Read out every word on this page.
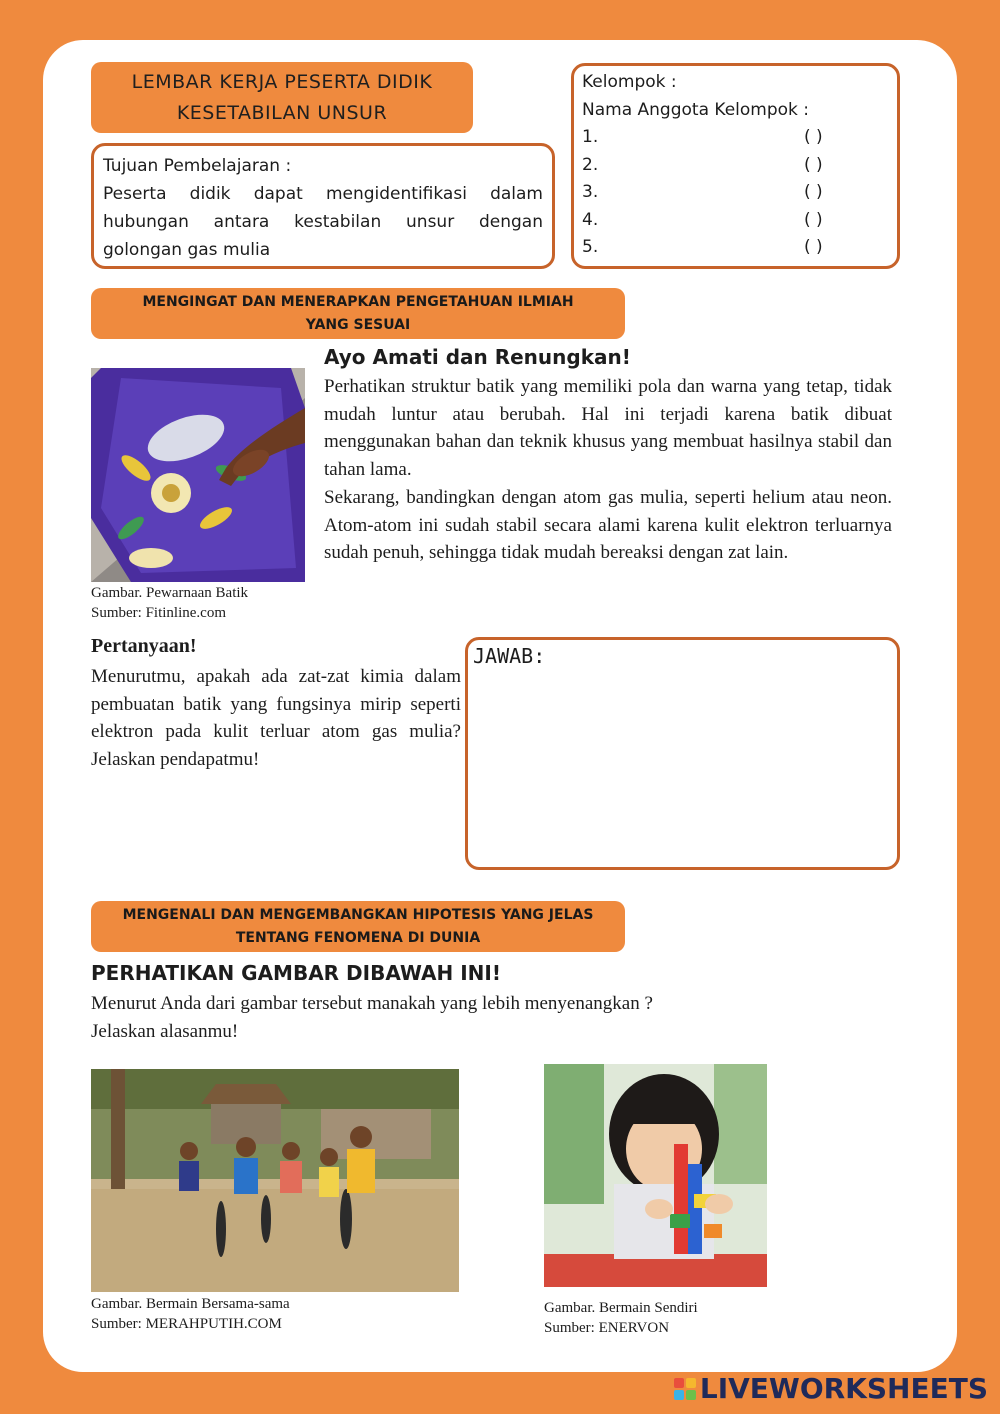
LEMBAR KERJA PESERTA DIDIK
KESETABILAN UNSUR
Tujuan Pembelajaran :
Peserta didik dapat mengidentifikasi dalam hubungan antara kestabilan unsur dengan golongan gas mulia
Kelompok :
Nama Anggota Kelompok :
1.	( )
2.	( )
3.	( )
4.	( )
5.	( )
MENGINGAT DAN MENERAPKAN PENGETAHUAN ILMIAH
YANG SESUAI
Gambar. Pewarnaan Batik
Sumber: Fitinline.com
Ayo Amati dan Renungkan!
Perhatikan struktur batik yang memiliki pola dan warna yang tetap, tidak mudah luntur atau berubah. Hal ini terjadi karena batik dibuat menggunakan bahan dan teknik khusus yang membuat hasilnya stabil dan tahan lama.
Sekarang, bandingkan dengan atom gas mulia, seperti helium atau neon. Atom-atom ini sudah stabil secara alami karena kulit elektron terluarnya sudah penuh, sehingga tidak mudah bereaksi dengan zat lain.
Pertanyaan!
Menurutmu, apakah ada zat-zat kimia dalam pembuatan batik yang fungsinya mirip seperti elektron pada kulit terluar atom gas mulia? Jelaskan pendapatmu!
JAWAB:
MENGENALI DAN MENGEMBANGKAN HIPOTESIS YANG JELAS
TENTANG FENOMENA DI DUNIA
PERHATIKAN GAMBAR DIBAWAH INI!
Menurut Anda dari gambar tersebut manakah yang lebih menyenangkan ?
Jelaskan alasanmu!
Gambar. Bermain Bersama-sama
Sumber: MERAHPUTIH.COM
Gambar. Bermain Sendiri
Sumber: ENERVON
LIVEWORKSHEETS
